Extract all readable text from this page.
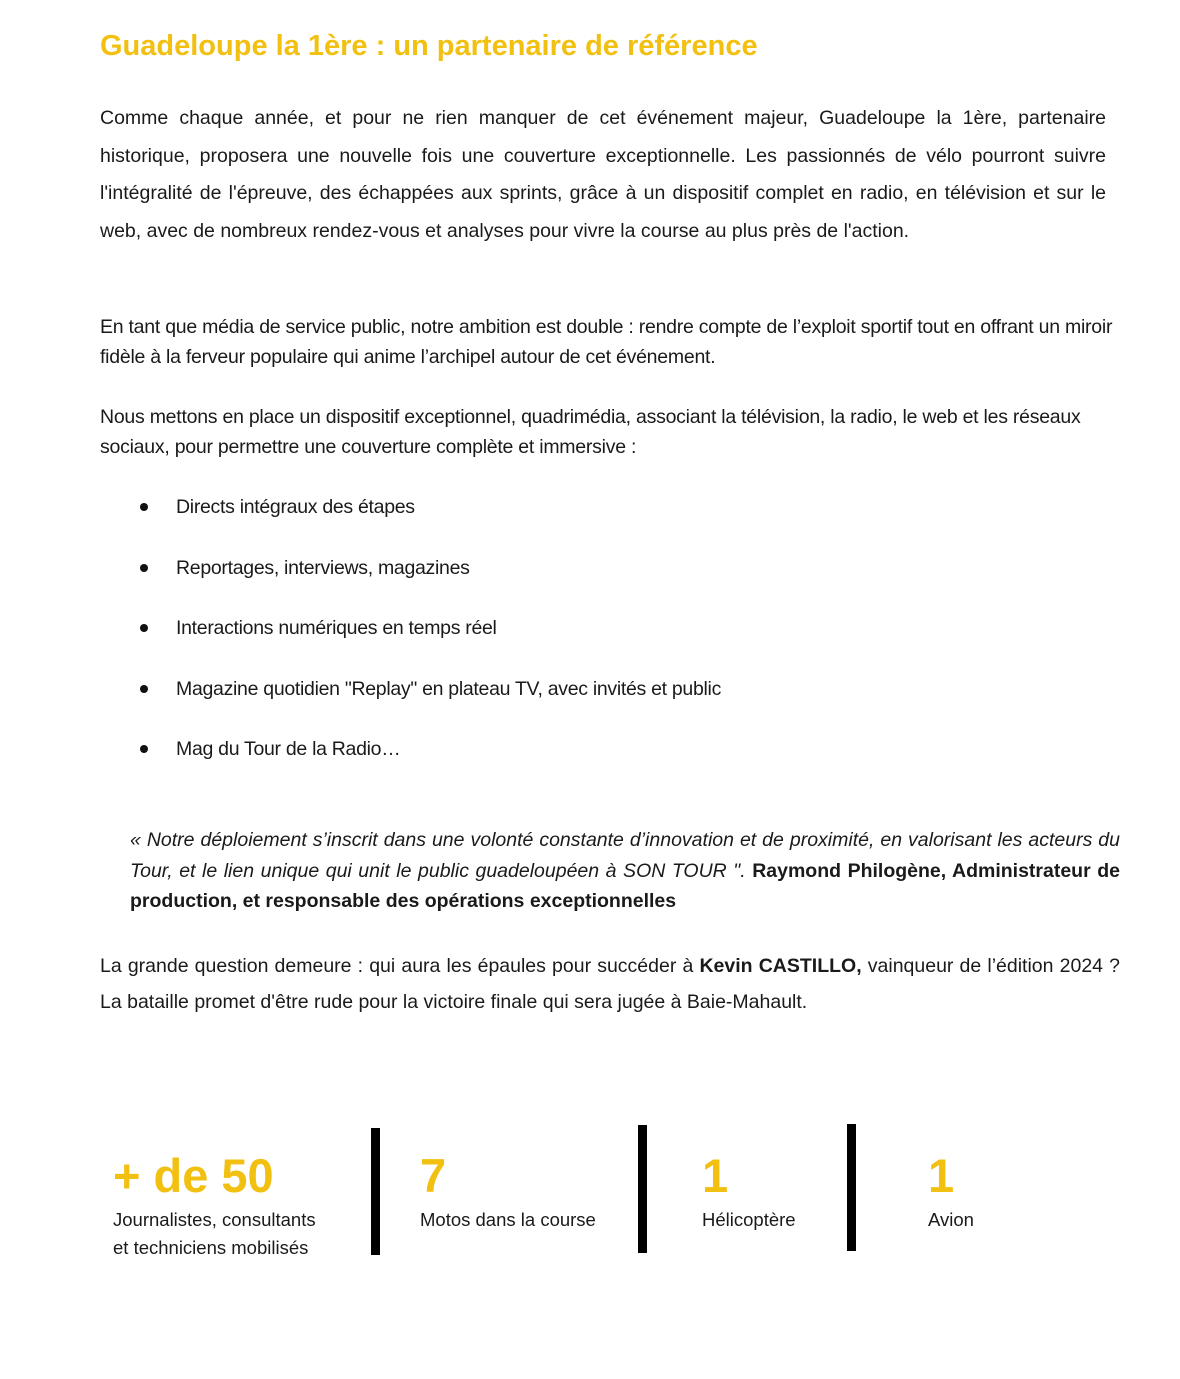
Guadeloupe la 1ère : un partenaire de référence

Comme chaque année, et pour ne rien manquer de cet événement majeur, Guadeloupe la 1ère, partenaire historique, proposera une nouvelle fois une couverture exceptionnelle. Les passionnés de vélo pourront suivre l'intégralité de l'épreuve, des échappées aux sprints, grâce à un dispositif complet en radio, en télévision et sur le web, avec de nombreux rendez-vous et analyses pour vivre la course au plus près de l'action.

En tant que média de service public, notre ambition est double : rendre compte de l’exploit sportif tout en offrant un miroir fidèle à la ferveur populaire qui anime l’archipel autour de cet événement.

Nous mettons en place un dispositif exceptionnel, quadrimédia, associant la télévision, la radio, le web et les réseaux sociaux, pour permettre une couverture complète et immersive :

Directs intégraux des étapes
Reportages, interviews, magazines
Interactions numériques en temps réel
Magazine quotidien "Replay" en plateau TV, avec invités et public
Mag du Tour de la Radio…

« Notre déploiement s’inscrit dans une volonté constante d’innovation et de proximité, en valorisant les acteurs du Tour, et le lien unique qui unit le public guadeloupéen à SON TOUR ". Raymond Philogène, Administrateur de production, et responsable des opérations exceptionnelles

La grande question demeure : qui aura les épaules pour succéder à Kevin CASTILLO, vainqueur de l’édition 2024 ? La bataille promet d'être rude pour la victoire finale qui sera jugée à Baie-Mahault.

+ de 50
Journalistes, consultants
et techniciens mobilisés
7
Motos dans la course
1
Hélicoptère
1
Avion
